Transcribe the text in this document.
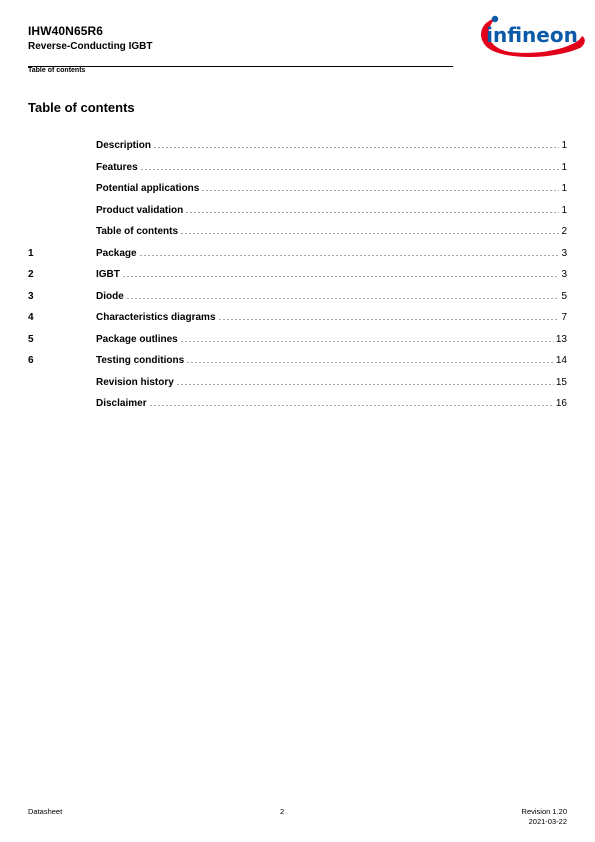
IHW40N65R6
Reverse-Conducting IGBT
Table of contents
infineon
Table of contents
Description	1
Features	1
Potential applications	1
Product validation	1
Table of contents	2
1	Package	3
2	IGBT	3
3	Diode	5
4	Characteristics diagrams	7
5	Package outlines	13
6	Testing conditions	14
Revision history	15
Disclaimer	16
Datasheet	2	Revision 1.20
2021-03-22
